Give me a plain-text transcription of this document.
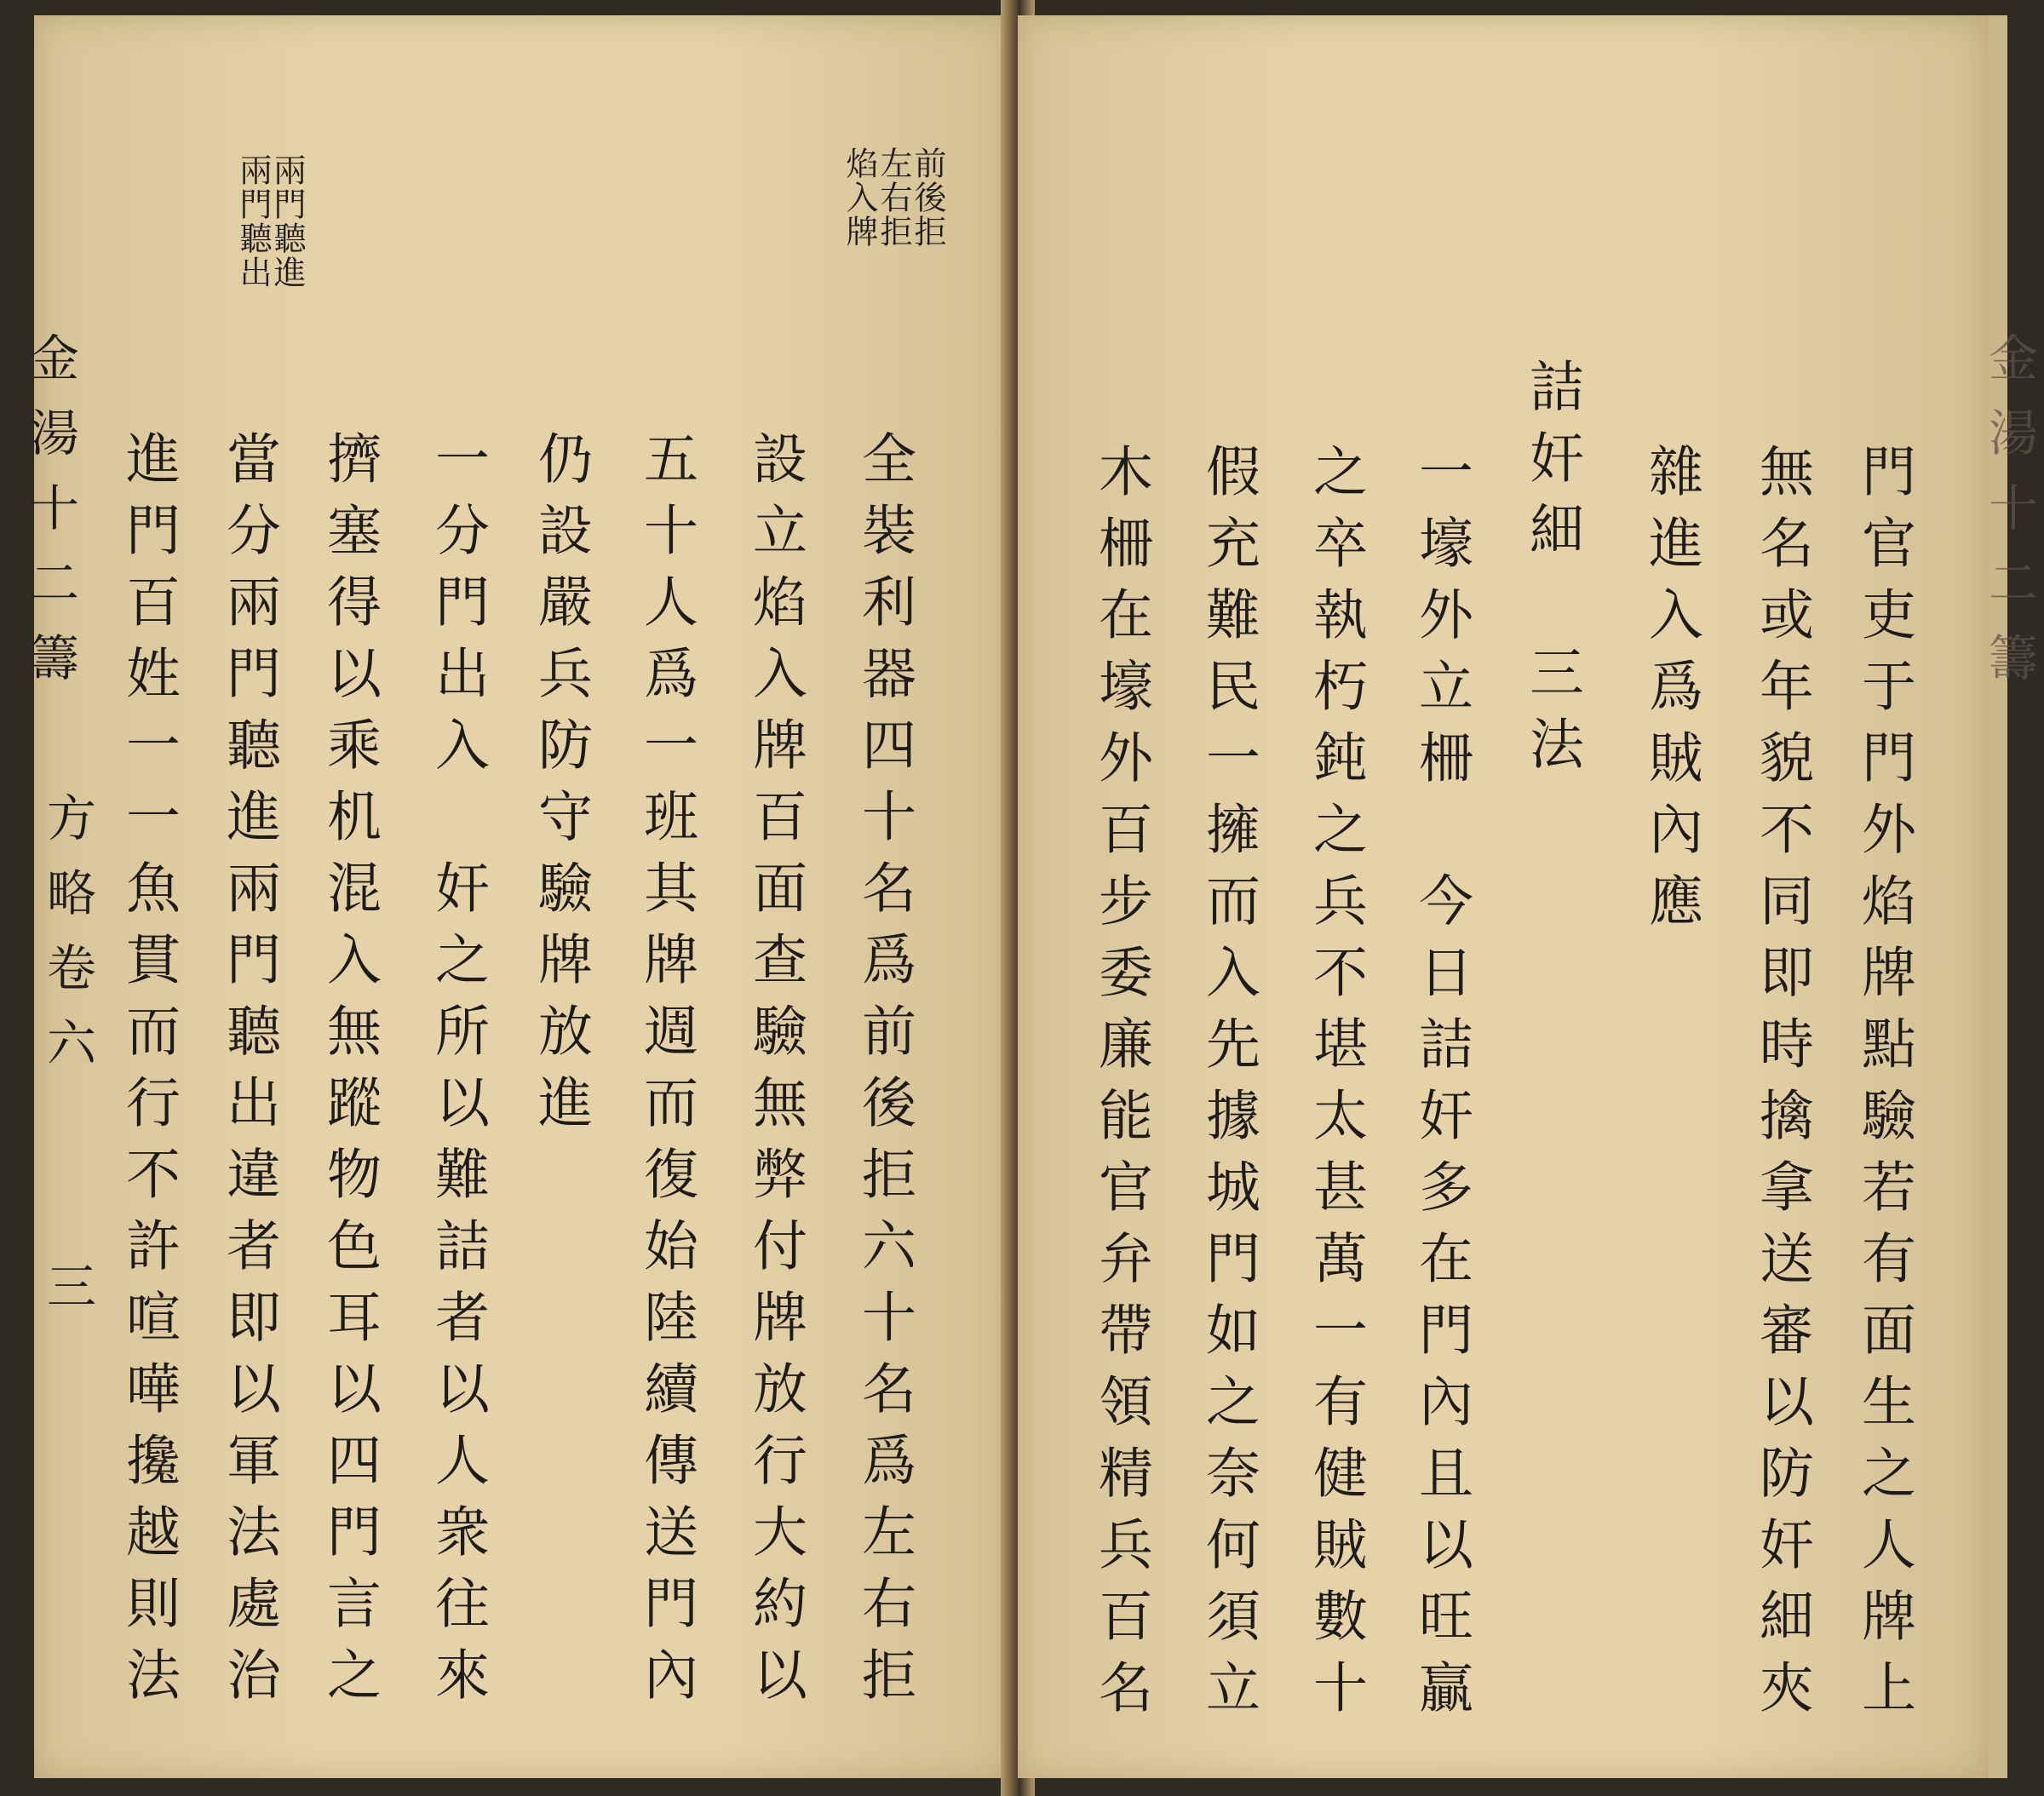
金湯十二籌
方略卷六
三
前後拒
左右拒
焰入牌
兩門聽進
兩門聽出
全裝利器四十名爲前後拒六十名爲左右拒
設立焰入牌百面查驗無弊付牌放行大約以
五十人爲一班其牌週而復始陸續傳送門內
仍設嚴兵防守驗牌放進
一分門出入　奸之所以難詰者以人衆往來
擠塞得以乘机混入無蹤物色耳以四門言之
當分兩門聽進兩門聽出違者即以軍法處治
進門百姓一一魚貫而行不許喧嘩攙越則法	金湯十二籌
門官吏于門外焰牌點驗若有面生之人牌上
無名或年貌不同即時擒拿送審以防奸細夾
雜進入爲賊內應
詰奸細　三法
一壕外立柵　今日詰奸多在門內且以旺贏
之卒執朽鈍之兵不堪太甚萬一有健賊數十
假充難民一擁而入先據城門如之奈何須立
木柵在壕外百步委廉能官弁帶領精兵百名
